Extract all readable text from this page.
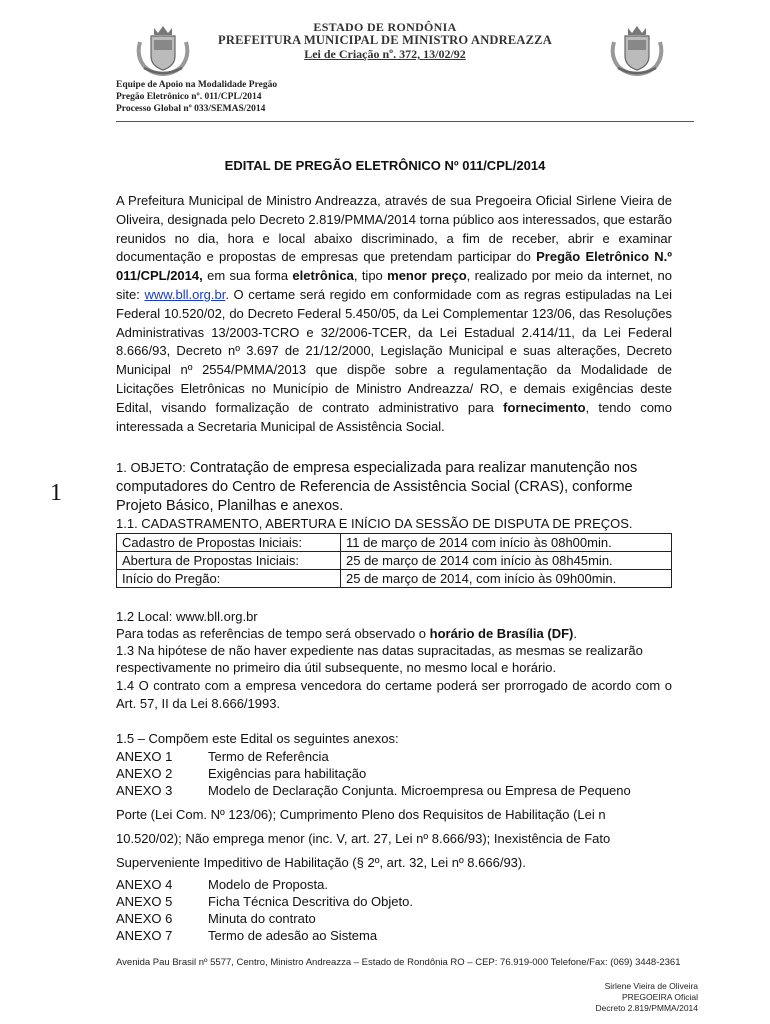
ESTADO DE RONDÔNIA
PREFEITURA MUNICIPAL DE MINISTRO ANDREAZZA
Lei de Criação nº. 372, 13/02/92
Equipe de Apoio na Modalidade Pregão
Pregão Eletrônico nº. 011/CPL/2014
Processo Global nº 033/SEMAS/2014
EDITAL DE PREGÃO ELETRÔNICO Nº 011/CPL/2014
A Prefeitura Municipal de Ministro Andreazza, através de sua Pregoeira Oficial Sirlene Vieira de Oliveira, designada pelo Decreto 2.819/PMMA/2014 torna público aos interessados, que estarão reunidos no dia, hora e local abaixo discriminado, a fim de receber, abrir e examinar documentação e propostas de empresas que pretendam participar do Pregão Eletrônico N.º 011/CPL/2014, em sua forma eletrônica, tipo menor preço, realizado por meio da internet, no site: www.bll.org.br. O certame será regido em conformidade com as regras estipuladas na Lei Federal 10.520/02, do Decreto Federal 5.450/05, da Lei Complementar 123/06, das Resoluções Administrativas 13/2003-TCRO e 32/2006-TCER, da Lei Estadual 2.414/11, da Lei Federal 8.666/93, Decreto nº 3.697 de 21/12/2000, Legislação Municipal e suas alterações, Decreto Municipal nº 2554/PMMA/2013 que dispõe sobre a regulamentação da Modalidade de Licitações Eletrônicas no Município de Ministro Andreazza/ RO, e demais exigências deste Edital, visando formalização de contrato administrativo para fornecimento, tendo como interessada a Secretaria Municipal de Assistência Social.
1
1. OBJETO: Contratação de empresa especializada para realizar manutenção nos computadores do Centro de Referencia de Assistência Social (CRAS), conforme Projeto Básico, Planilhas e anexos.
1.1. CADASTRAMENTO, ABERTURA E INÍCIO DA SESSÃO DE DISPUTA DE PREÇOS.
Cadastro de Propostas Iniciais:	11 de março de 2014 com início às 08h00min.
Abertura de Propostas Iniciais:	25 de março de 2014 com início às 08h45min.
Início do Pregão:	25 de março de 2014, com início às 09h00min.
1.2 Local: www.bll.org.br
Para todas as referências de tempo será observado o horário de Brasília (DF).
1.3 Na hipótese de não haver expediente nas datas supracitadas, as mesmas se realizarão
respectivamente no primeiro dia útil subsequente, no mesmo local e horário.
1.4 O contrato com a empresa vencedora do certame poderá ser prorrogado de acordo com o Art. 57, II da Lei 8.666/1993.
1.5 – Compõem este Edital os seguintes anexos:
ANEXO 1	Termo de Referência
ANEXO 2	Exigências para habilitação
ANEXO 3	Modelo de Declaração Conjunta. Microempresa ou Empresa de Pequeno
Porte (Lei Com. Nº 123/06); Cumprimento Pleno dos Requisitos de Habilitação (Lei n
10.520/02); Não emprega menor (inc. V, art. 27, Lei nº 8.666/93); Inexistência de Fato
Superveniente Impeditivo de Habilitação (§ 2º, art. 32, Lei nº 8.666/93).
ANEXO 4	Modelo de Proposta.
ANEXO 5	Ficha Técnica Descritiva do Objeto.
ANEXO 6	Minuta do contrato
ANEXO 7	Termo de adesão ao Sistema
Avenida Pau Brasil nº 5577, Centro, Ministro Andreazza – Estado de Rondônia RO – CEP: 76.919-000 Telefone/Fax: (069) 3448-2361
Sirlene Vieira de Oliveira
PREGOEIRA Oficial
Decreto 2.819/PMMA/2014
